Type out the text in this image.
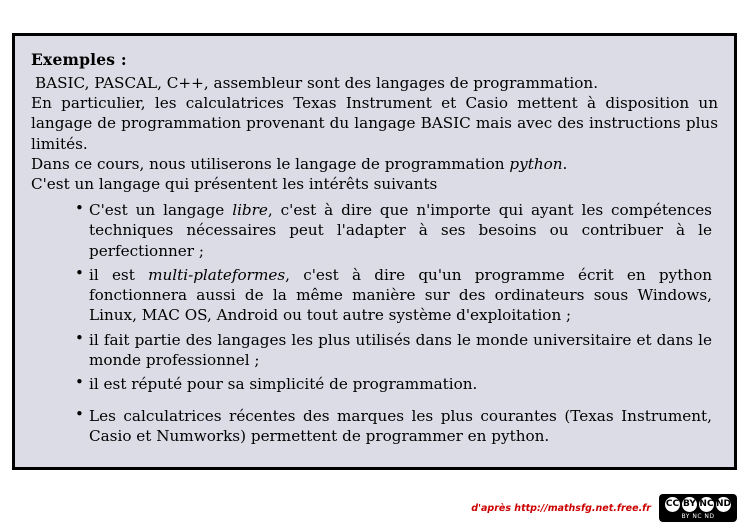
Exemples :

BASIC, PASCAL, C++, assembleur sont des langages de programmation.

En particulier, les calculatrices Texas Instrument et Casio mettent à disposition un langage de programmation provenant du langage BASIC mais avec des instructions plus limités.

Dans ce cours, nous utiliserons le langage de programmation python.

C'est un langage qui présentent les intérêts suivants

• C'est un langage libre, c'est à dire que n'importe qui ayant les compétences techniques nécessaires peut l'adapter à ses besoins ou contribuer à le perfectionner ;
• il est multi-plateformes, c'est à dire qu'un programme écrit en python fonctionnera aussi de la même manière sur des ordinateurs sous Windows, Linux, MAC OS, Android ou tout autre système d'exploitation ;
• il fait partie des langages les plus utilisés dans le monde universitaire et dans le monde professionnel ;
• il est réputé pour sa simplicité de programmation.
• Les calculatrices récentes des marques les plus courantes (Texas Instrument, Casio et Numworks) permettent de programmer en python.
d'après http://mathsfg.net.free.fr CC BY NC ND
BY NC ND
